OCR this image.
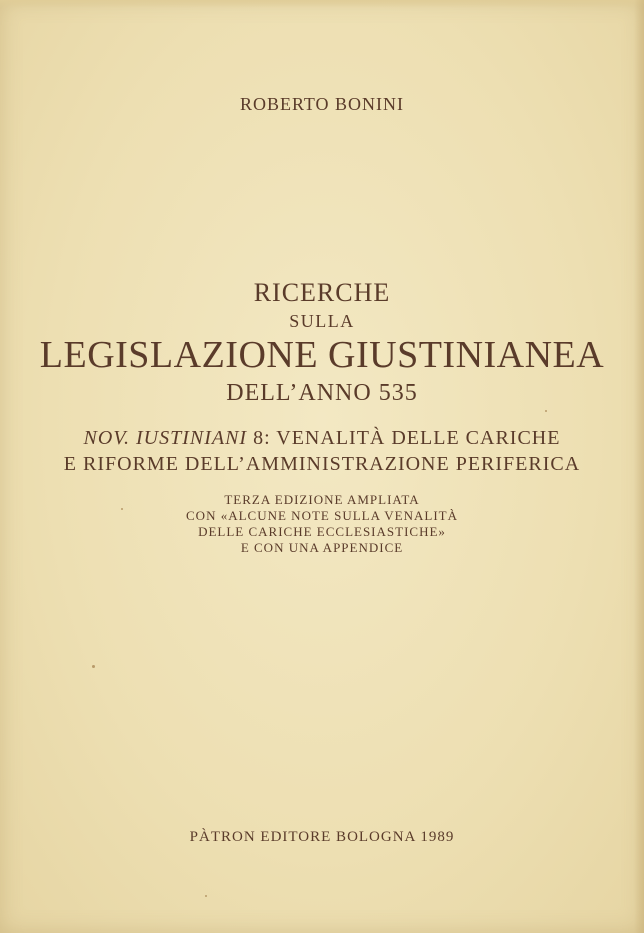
ROBERTO BONINI
RICERCHE
SULLA
LEGISLAZIONE GIUSTINIANEA
DELL’ANNO 535
NOV. IUSTINIANI 8: VENALITÀ DELLE CARICHE
E RIFORME DELL’AMMINISTRAZIONE PERIFERICA
TERZA EDIZIONE AMPLIATA
CON «ALCUNE NOTE SULLA VENALITÀ
DELLE CARICHE ECCLESIASTICHE»
E CON UNA APPENDICE
PÀTRON EDITORE BOLOGNA 1989
